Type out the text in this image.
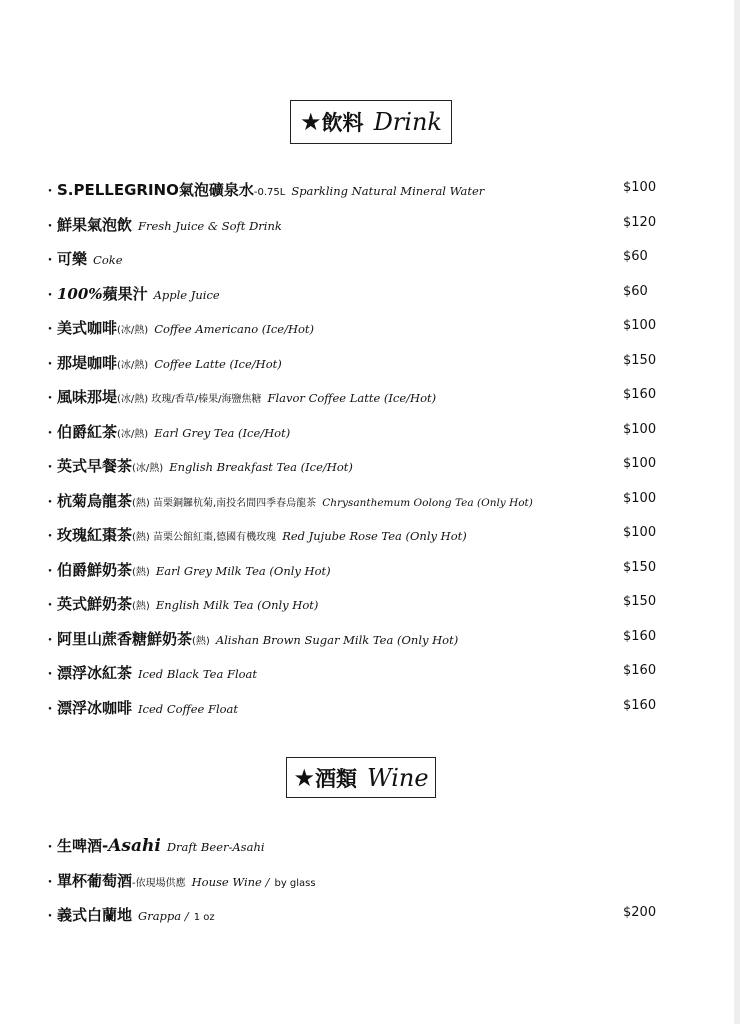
★ 飲料 Drink
・ S.PELLEGRINO氣泡礦泉水-0.75L Sparkling Natural Mineral Water	$100
・ 鮮果氣泡飲 Fresh Juice & Soft Drink	$120
・ 可樂 Coke	$60
・ 100%蘋果汁 Apple Juice	$60
・ 美式咖啡(冰/熱) Coffee Americano (Ice/Hot)	$100
・ 那堤咖啡(冰/熱) Coffee Latte (Ice/Hot)	$150
・ 風味那堤(冰/熱) 玫瑰/香草/榛果/海鹽焦糖 Flavor Coffee Latte (Ice/Hot)	$160
・ 伯爵紅茶(冰/熱) Earl Grey Tea (Ice/Hot)	$100
・ 英式早餐茶(冰/熱) English Breakfast Tea (Ice/Hot)	$100
・ 杭菊烏龍茶(熱) 苗栗銅鑼杭菊,南投名間四季春烏龍茶 Chrysanthemum Oolong Tea (Only Hot)	$100
・ 玫瑰紅棗茶(熱) 苗栗公館紅棗,德國有機玫瑰 Red Jujube Rose Tea (Only Hot)	$100
・ 伯爵鮮奶茶(熱) Earl Grey Milk Tea (Only Hot)	$150
・ 英式鮮奶茶(熱) English Milk Tea (Only Hot)	$150
・ 阿里山蔗香糖鮮奶茶(熱) Alishan Brown Sugar Milk Tea (Only Hot)	$160
・ 漂浮冰紅茶 Iced Black Tea Float	$160
・ 漂浮冰咖啡 Iced Coffee Float	$160
★ 酒類 Wine
・ 生啤酒-Asahi Draft Beer-Asahi
・ 單杯葡萄酒-依現場供應 House Wine / by glass
・ 義式白蘭地 Grappa / 1 oz	$200
